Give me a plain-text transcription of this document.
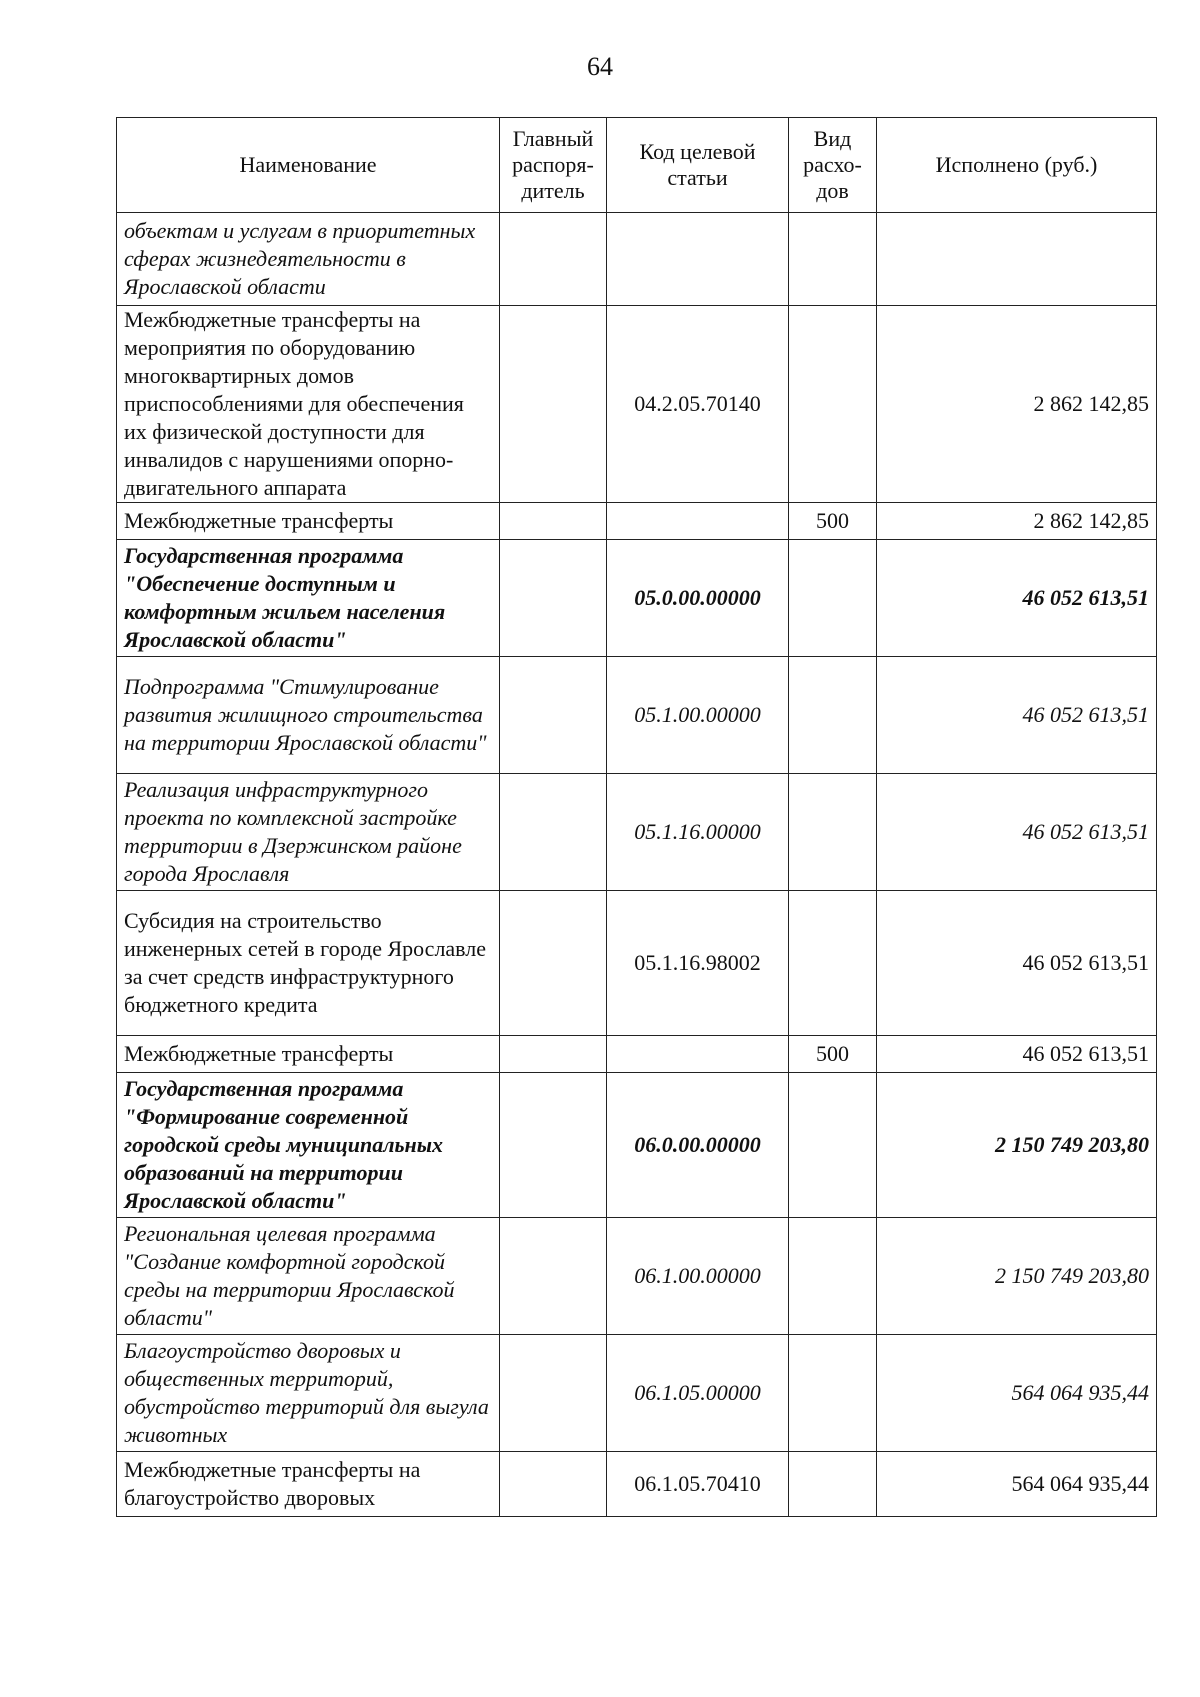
64
Наименование	Главный распоря-дитель	Код целевой статьи	Вид расхо-дов	Исполнено (руб.)
объектам и услугам в приоритетных сферах жизнедеятельности в Ярославской области				
Межбюджетные трансферты на мероприятия по оборудованию многоквартирных домов приспособлениями для обеспечения их физической доступности для инвалидов с нарушениями опорно-двигательного аппарата		04.2.05.70140		2 862 142,85
Межбюджетные трансферты			500	2 862 142,85
Государственная программа "Обеспечение доступным и комфортным жильем населения Ярославской области"		05.0.00.00000		46 052 613,51
Подпрограмма "Стимулирование развития жилищного строительства на территории Ярославской области"		05.1.00.00000		46 052 613,51
Реализация инфраструктурного проекта по комплексной застройке территории в Дзержинском районе города Ярославля		05.1.16.00000		46 052 613,51
Субсидия на строительство инженерных сетей в городе Ярославле за счет средств инфраструктурного бюджетного кредита		05.1.16.98002		46 052 613,51
Межбюджетные трансферты			500	46 052 613,51
Государственная программа "Формирование современной городской среды муниципальных образований на территории Ярославской области"		06.0.00.00000		2 150 749 203,80
Региональная целевая программа "Создание комфортной городской среды на территории Ярославской области"		06.1.00.00000		2 150 749 203,80
Благоустройство дворовых и общественных территорий, обустройство территорий для выгула животных		06.1.05.00000		564 064 935,44
Межбюджетные трансферты на благоустройство дворовых		06.1.05.70410		564 064 935,44
